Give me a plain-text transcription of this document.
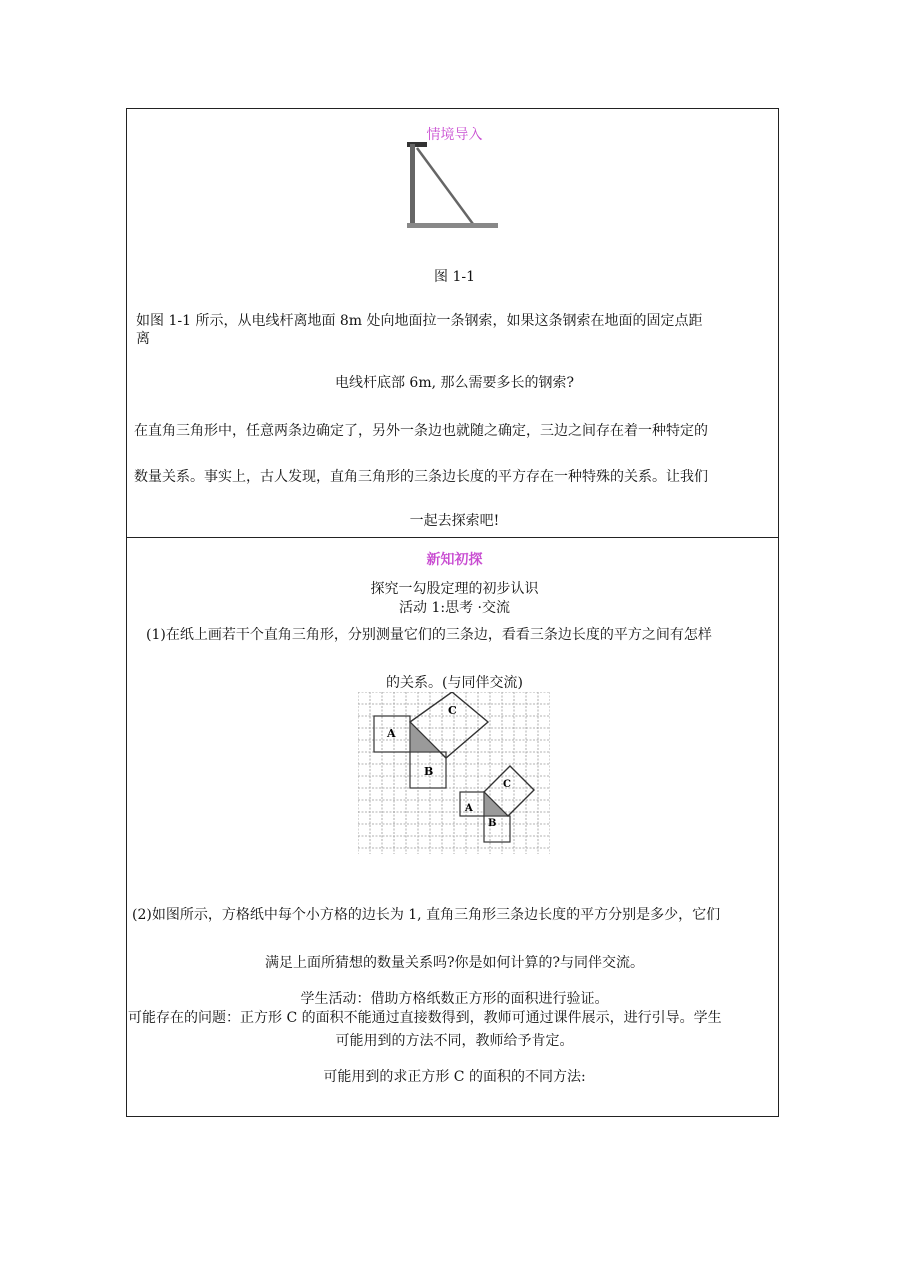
情境导入
图 1-1
如图 1-1 所示，从电线杆离地面 8m 处向地面拉一条钢索，如果这条钢索在地面的固定点距
离
电线杆底部 6m, 那么需要多长的钢索?
在直角三角形中，任意两条边确定了，另外一条边也就随之确定，三边之间存在着一种特定的
数量关系。事实上，古人发现，直角三角形的三条边长度的平方存在一种特殊的关系。让我们
一起去探索吧!
新知初探
探究一勾股定理的初步认识
活动 1:思考 ·交流
(1)在纸上画若干个直角三角形，分别测量它们的三条边，看看三条边长度的平方之间有怎样
的关系。(与同伴交流)
A
B
C
A
B
C
(2)如图所示，方格纸中每个小方格的边长为 1, 直角三角形三条边长度的平方分别是多少，它们
满足上面所猜想的数量关系吗?你是如何计算的?与同伴交流。
学生活动：借助方格纸数正方形的面积进行验证。
可能存在的问题：正方形 C 的面积不能通过直接数得到，教师可通过课件展示，进行引导。学生
可能用到的方法不同，教师给予肯定。
可能用到的求正方形 C 的面积的不同方法:
